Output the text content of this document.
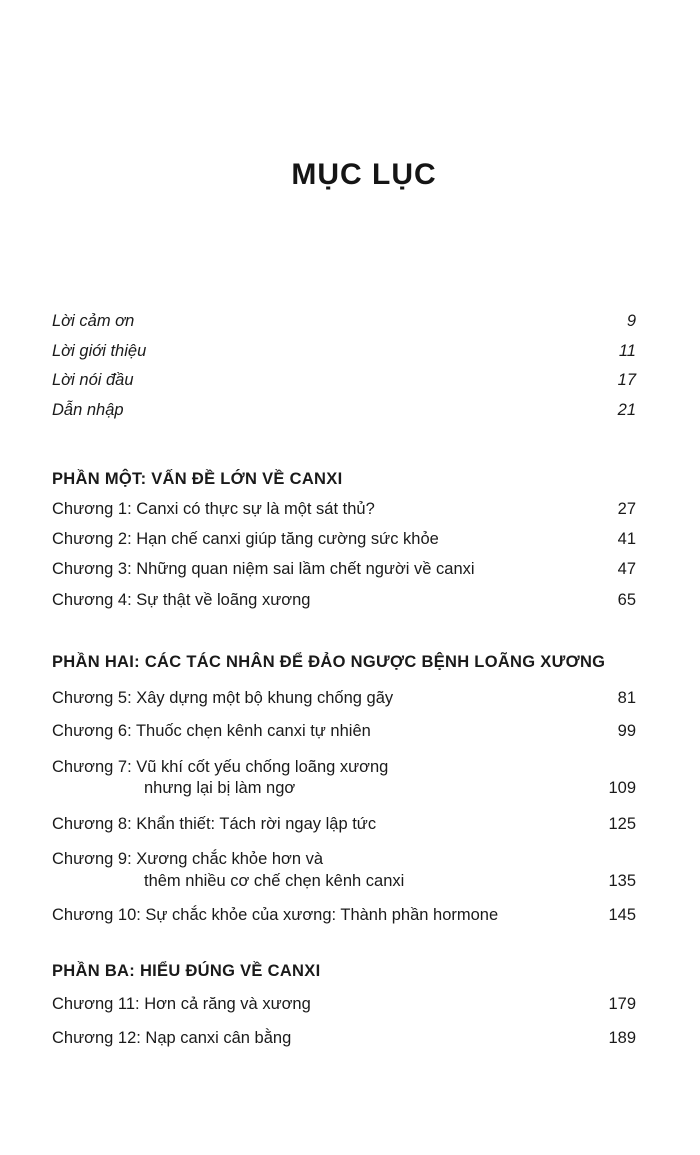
MỤC LỤC
Lời cảm ơn	9
Lời giới thiệu	11
Lời nói đầu	17
Dẫn nhập	21
PHẦN MỘT: VẤN ĐỀ LỚN VỀ CANXI
Chương 1: Canxi có thực sự là một sát thủ?	27
Chương 2: Hạn chế canxi giúp tăng cường sức khỏe	41
Chương 3: Những quan niệm sai lầm chết người về canxi	47
Chương 4: Sự thật về loãng xương	65
PHẦN HAI: CÁC TÁC NHÂN ĐỂ ĐẢO NGƯỢC BỆNH LOÃNG XƯƠNG
Chương 5: Xây dựng một bộ khung chống gãy	81
Chương 6: Thuốc chẹn kênh canxi tự nhiên	99
Chương 7: Vũ khí cốt yếu chống loãng xương
nhưng lại bị làm ngơ	109
Chương 8: Khẩn thiết: Tách rời ngay lập tức	125
Chương 9: Xương chắc khỏe hơn và
thêm nhiều cơ chế chẹn kênh canxi	135
Chương 10: Sự chắc khỏe của xương: Thành phần hormone	145
PHẦN BA: HIỂU ĐÚNG VỀ CANXI
Chương 11: Hơn cả răng và xương	179
Chương 12: Nạp canxi cân bằng	189
